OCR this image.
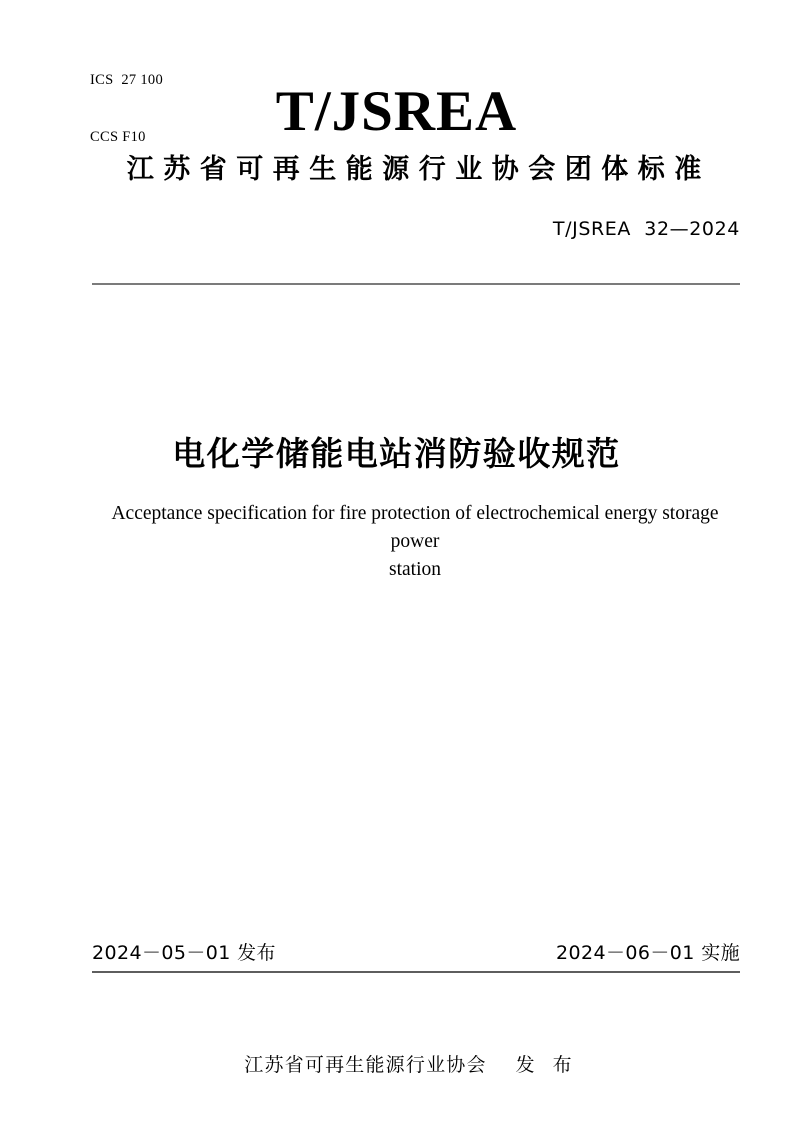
ICS  27 100

CCS F10

	T/JSREA
江苏省可再生能源行业协会团体标准
T/JSREA  32—2024
电化学储能电站消防验收规范
Acceptance specification for fire protection of electrochemical energy storage power
station
2024－05－01 发布	2024－06－01 实施

江苏省可再生能源行业协会 发 布
